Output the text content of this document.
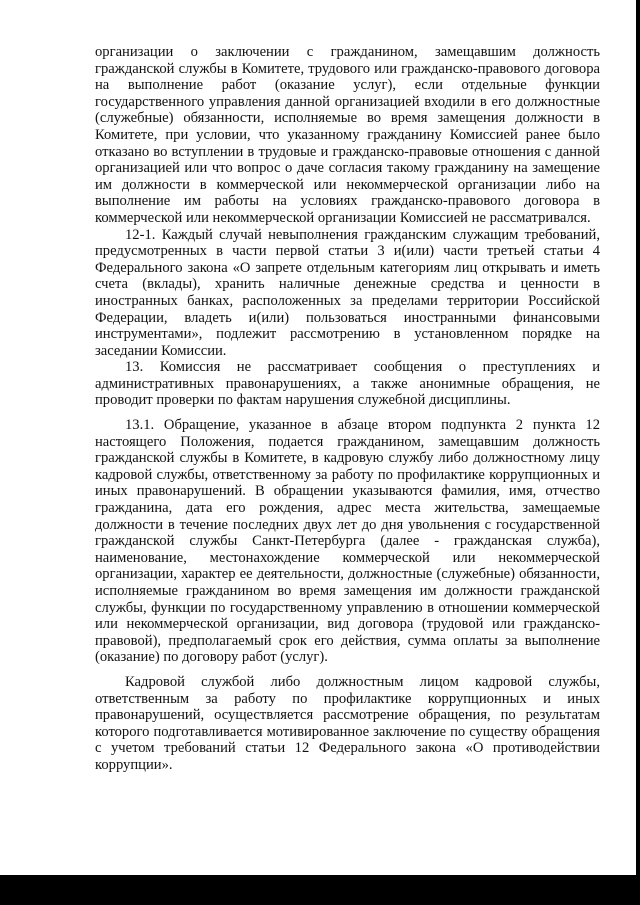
организации о заключении с гражданином, замещавшим должность гражданской службы в Комитете, трудового или гражданско-правового договора на выполнение работ (оказание услуг), если отдельные функции государственного управления данной организацией входили в его должностные (служебные) обязанности, исполняемые во время замещения должности в Комитете, при условии, что указанному гражданину Комиссией ранее было отказано во вступлении в трудовые и гражданско-правовые отношения с данной организацией или что вопрос о даче согласия такому гражданину на замещение им должности в коммерческой или некоммерческой организации либо на выполнение им работы на условиях гражданско-правового договора в коммерческой или некоммерческой организации Комиссией не рассматривался.

12-1. Каждый случай невыполнения гражданским служащим требований, предусмотренных в части первой статьи 3 и(или) части третьей статьи 4 Федерального закона «О запрете отдельным категориям лиц открывать и иметь счета (вклады), хранить наличные денежные средства и ценности в иностранных банках, расположенных за пределами территории Российской Федерации, владеть и(или) пользоваться иностранными финансовыми инструментами», подлежит рассмотрению в установленном порядке на заседании Комиссии.

13. Комиссия не рассматривает сообщения о преступлениях и административных правонарушениях, а также анонимные обращения, не проводит проверки по фактам нарушения служебной дисциплины.

13.1. Обращение, указанное в абзаце втором подпункта 2 пункта 12 настоящего Положения, подается гражданином, замещавшим должность гражданской службы в Комитете, в кадровую службу либо должностному лицу кадровой службы, ответственному за работу по профилактике коррупционных и иных правонарушений. В обращении указываются фамилия, имя, отчество гражданина, дата его рождения, адрес места жительства, замещаемые должности в течение последних двух лет до дня увольнения с государственной гражданской службы Санкт-Петербурга (далее - гражданская служба), наименование, местонахождение коммерческой или некоммерческой организации, характер ее деятельности, должностные (служебные) обязанности, исполняемые гражданином во время замещения им должности гражданской службы, функции по государственному управлению в отношении коммерческой или некоммерческой организации, вид договора (трудовой или гражданско-правовой), предполагаемый срок его действия, сумма оплаты за выполнение (оказание) по договору работ (услуг).

Кадровой службой либо должностным лицом кадровой службы, ответственным за работу по профилактике коррупционных и иных правонарушений, осуществляется рассмотрение обращения, по результатам которого подготавливается мотивированное заключение по существу обращения с учетом требований статьи 12 Федерального закона «О противодействии коррупции».
